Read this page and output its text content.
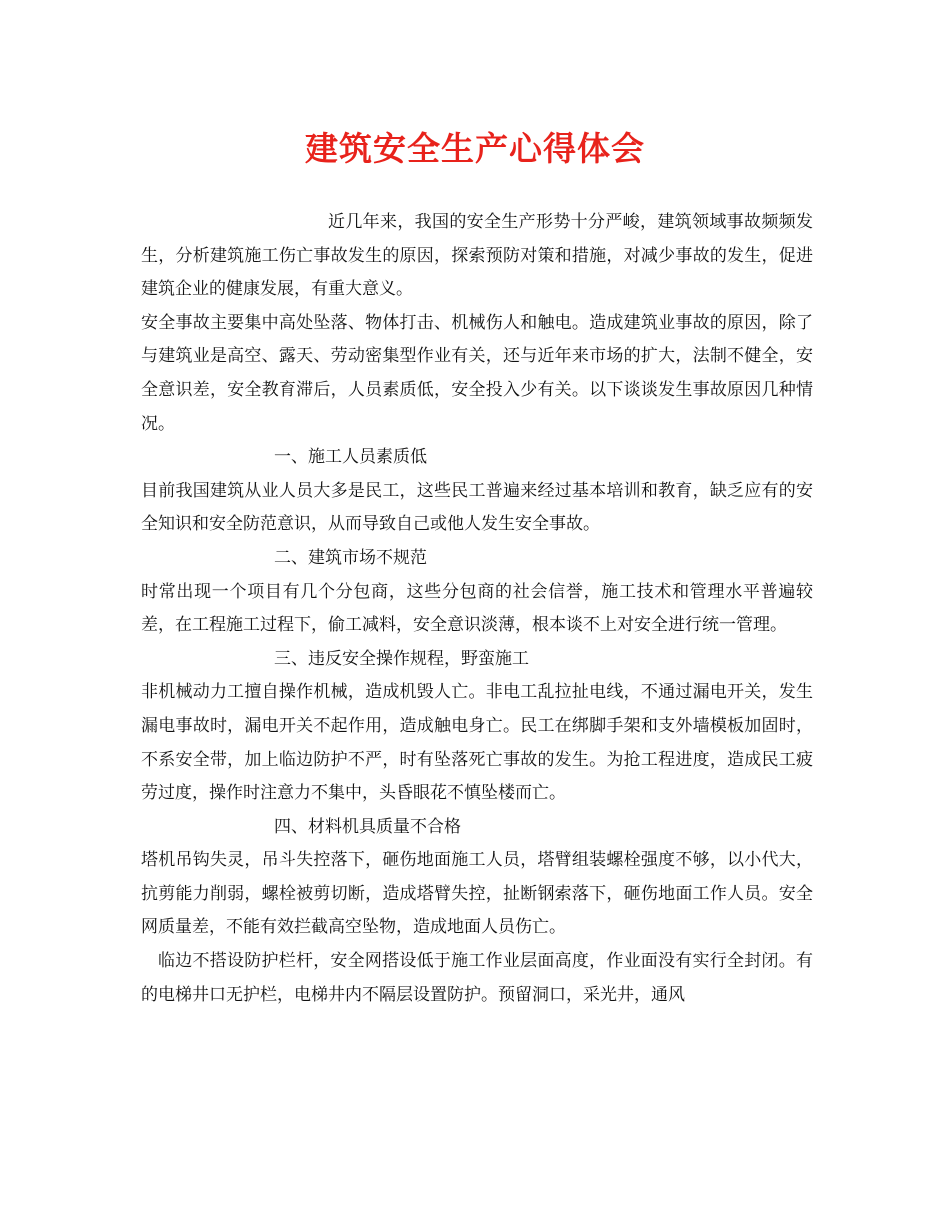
建筑安全生产心得体会

近几年来，我国的安全生产形势十分严峻，建筑领域事故频频发生，分析建筑施工伤亡事故发生的原因，探索预防对策和措施，对减少事故的发生，促进建筑企业的健康发展，有重大意义。

安全事故主要集中高处坠落、物体打击、机械伤人和触电。造成建筑业事故的原因，除了与建筑业是高空、露天、劳动密集型作业有关，还与近年来市场的扩大，法制不健全，安全意识差，安全教育滞后，人员素质低，安全投入少有关。以下谈谈发生事故原因几种情况。

一、施工人员素质低

目前我国建筑从业人员大多是民工，这些民工普遍来经过基本培训和教育，缺乏应有的安全知识和安全防范意识，从而导致自己或他人发生安全事故。

二、建筑市场不规范

时常出现一个项目有几个分包商，这些分包商的社会信誉，施工技术和管理水平普遍较差，在工程施工过程下，偷工减料，安全意识淡薄，根本谈不上对安全进行统一管理。

三、违反安全操作规程，野蛮施工

非机械动力工擅自操作机械，造成机毁人亡。非电工乱拉扯电线，不通过漏电开关，发生漏电事故时，漏电开关不起作用，造成触电身亡。民工在绑脚手架和支外墙模板加固时，不系安全带，加上临边防护不严，时有坠落死亡事故的发生。为抢工程进度，造成民工疲劳过度，操作时注意力不集中，头昏眼花不慎坠楼而亡。

四、材料机具质量不合格

塔机吊钩失灵，吊斗失控落下，砸伤地面施工人员，塔臂组装螺栓强度不够，以小代大，抗剪能力削弱，螺栓被剪切断，造成塔臂失控，扯断钢索落下，砸伤地面工作人员。安全网质量差，不能有效拦截高空坠物，造成地面人员伤亡。

临边不搭设防护栏杆，安全网搭设低于施工作业层面高度，作业面没有实行全封闭。有的电梯井口无护栏，电梯井内不隔层设置防护。预留洞口，采光井，通风
